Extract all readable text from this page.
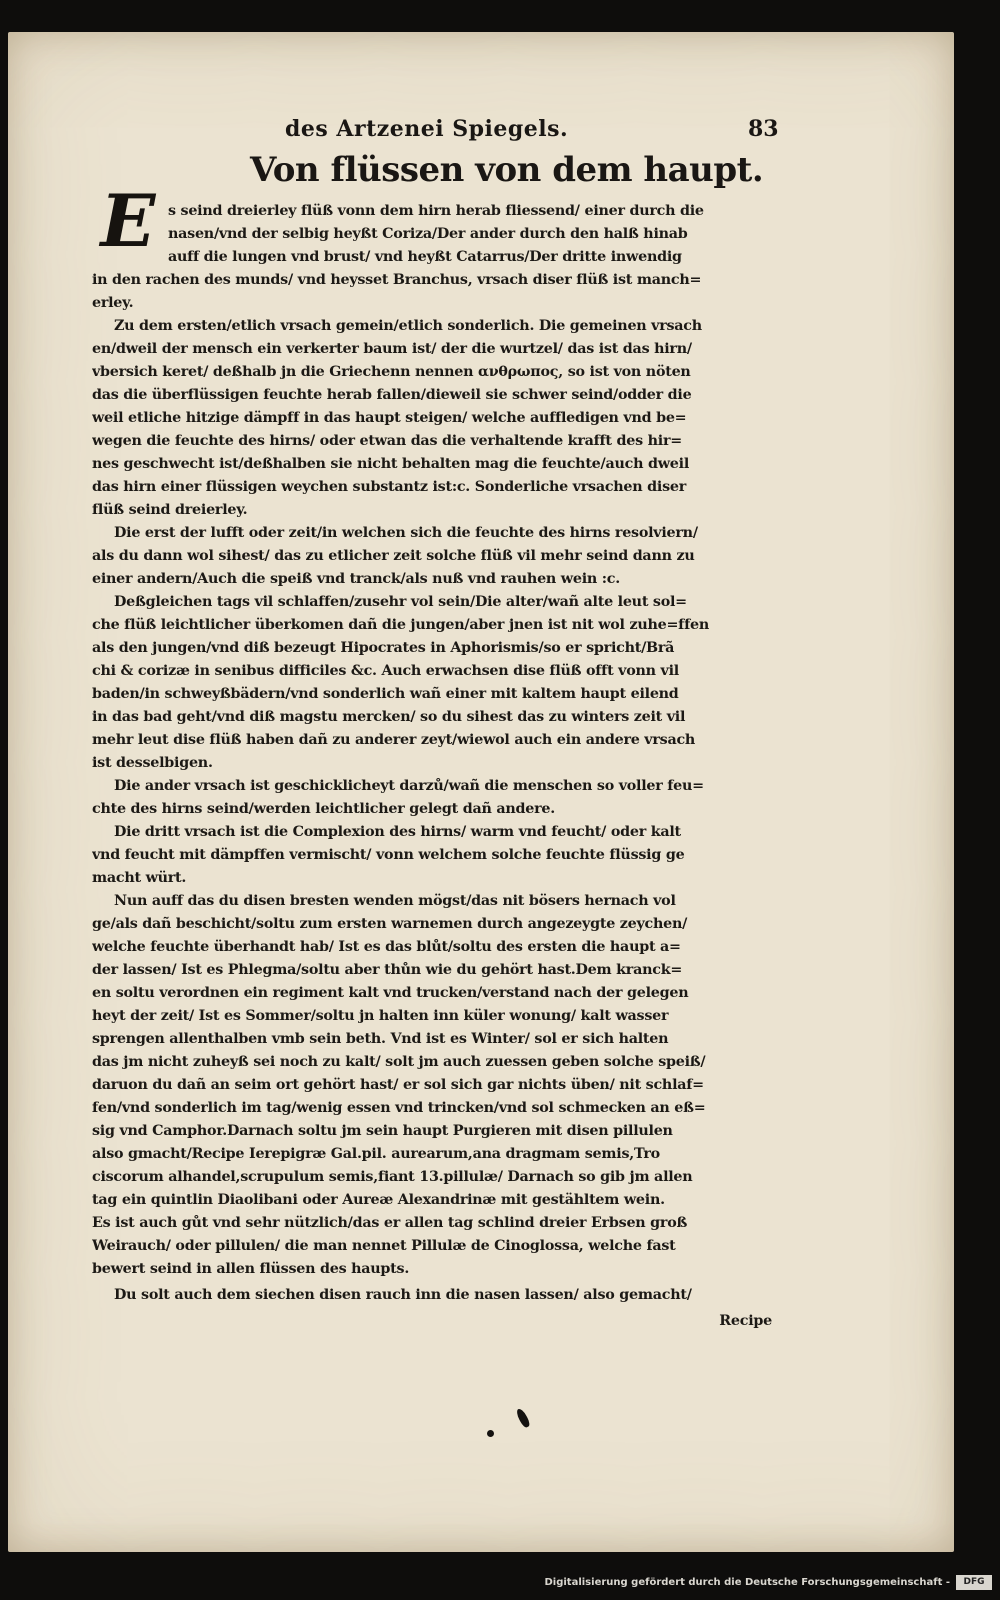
des Artzenei Spiegels.	83
Von flüssen von dem haupt.
E s seind dreierley flüß vonn dem hirn herab fliessend/ einer durch die
nasen/vnd der selbig heyßt Coriza/Der ander durch den halß hinab
auff die lungen vnd brust/ vnd heyßt Catarrus/Der dritte inwendig
in den rachen des munds/ vnd heysset Branchus, vrsach diser flüß ist manch=
erley.
Zu dem ersten/etlich vrsach gemein/etlich sonderlich. Die gemeinen vrsach
en/dweil der mensch ein verkerter baum ist/ der die wurtzel/ das ist das hirn/
vbersich keret/ deßhalb jn die Griechenn nennen ανθρωπος, so ist von nöten
das die überflüssigen feuchte herab fallen/dieweil sie schwer seind/odder die
weil etliche hitzige dämpff in das haupt steigen/ welche auffledigen vnd be=
wegen die feuchte des hirns/ oder etwan das die verhaltende krafft des hir=
nes geschwecht ist/deßhalben sie nicht behalten mag die feuchte/auch dweil
das hirn einer flüssigen weychen substantz ist:c. Sonderliche vrsachen diser
flüß seind dreierley.
Die erst der lufft oder zeit/in welchen sich die feuchte des hirns resolviern/
als du dann wol sihest/ das zu etlicher zeit solche flüß vil mehr seind dann zu
einer andern/Auch die speiß vnd tranck/als nuß vnd rauhen wein :c.
Deßgleichen tags vil schlaffen/zusehr vol sein/Die alter/wañ alte leut sol=
che flüß leichtlicher überkomen dañ die jungen/aber jnen ist nit wol zuhe=ffen
als den jungen/vnd diß bezeugt Hipocrates in Aphorismis/so er spricht/Brã
chi & corizæ in senibus difficiles &c. Auch erwachsen dise flüß offt vonn vil
baden/in schweyßbädern/vnd sonderlich wañ einer mit kaltem haupt eilend
in das bad geht/vnd diß magstu mercken/ so du sihest das zu winters zeit vil
mehr leut dise flüß haben dañ zu anderer zeyt/wiewol auch ein andere vrsach
ist desselbigen.
Die ander vrsach ist geschicklicheyt darzů/wañ die menschen so voller feu=
chte des hirns seind/werden leichtlicher gelegt dañ andere.
Die dritt vrsach ist die Complexion des hirns/ warm vnd feucht/ oder kalt
vnd feucht mit dämpffen vermischt/ vonn welchem solche feuchte flüssig ge
macht würt.
Nun auff das du disen bresten wenden mögst/das nit bösers hernach vol
ge/als dañ beschicht/soltu zum ersten warnemen durch angezeygte zeychen/
welche feuchte überhandt hab/ Ist es das blůt/soltu des ersten die haupt a=
der lassen/ Ist es Phlegma/soltu aber thůn wie du gehört hast.Dem kranck=
en soltu verordnen ein regiment kalt vnd trucken/verstand nach der gelegen
heyt der zeit/ Ist es Sommer/soltu jn halten inn küler wonung/ kalt wasser
sprengen allenthalben vmb sein beth. Vnd ist es Winter/ sol er sich halten
das jm nicht zuheyß sei noch zu kalt/ solt jm auch zuessen geben solche speiß/
daruon du dañ an seim ort gehört hast/ er sol sich gar nichts üben/ nit schlaf=
fen/vnd sonderlich im tag/wenig essen vnd trincken/vnd sol schmecken an eß=
sig vnd Camphor.Darnach soltu jm sein haupt Purgieren mit disen pillulen
also gmacht/Recipe Ierepigræ Gal.pil. aurearum,ana dragmam semis,Tro
ciscorum alhandel,scrupulum semis,fiant 13.pillulæ/ Darnach so gib jm allen
tag ein quintlin Diaolibani oder Aureæ Alexandrinæ mit gestähltem wein.
Es ist auch gůt vnd sehr nützlich/das er allen tag schlind dreier Erbsen groß
Weirauch/ oder pillulen/ die man nennet Pillulæ de Cinoglossa, welche fast
bewert seind in allen flüssen des haupts.
Du solt auch dem siechen disen rauch inn die nasen lassen/ also gemacht/
Recipe
Digitalisierung gefördert durch die Deutsche Forschungsgemeinschaft -	DFG
